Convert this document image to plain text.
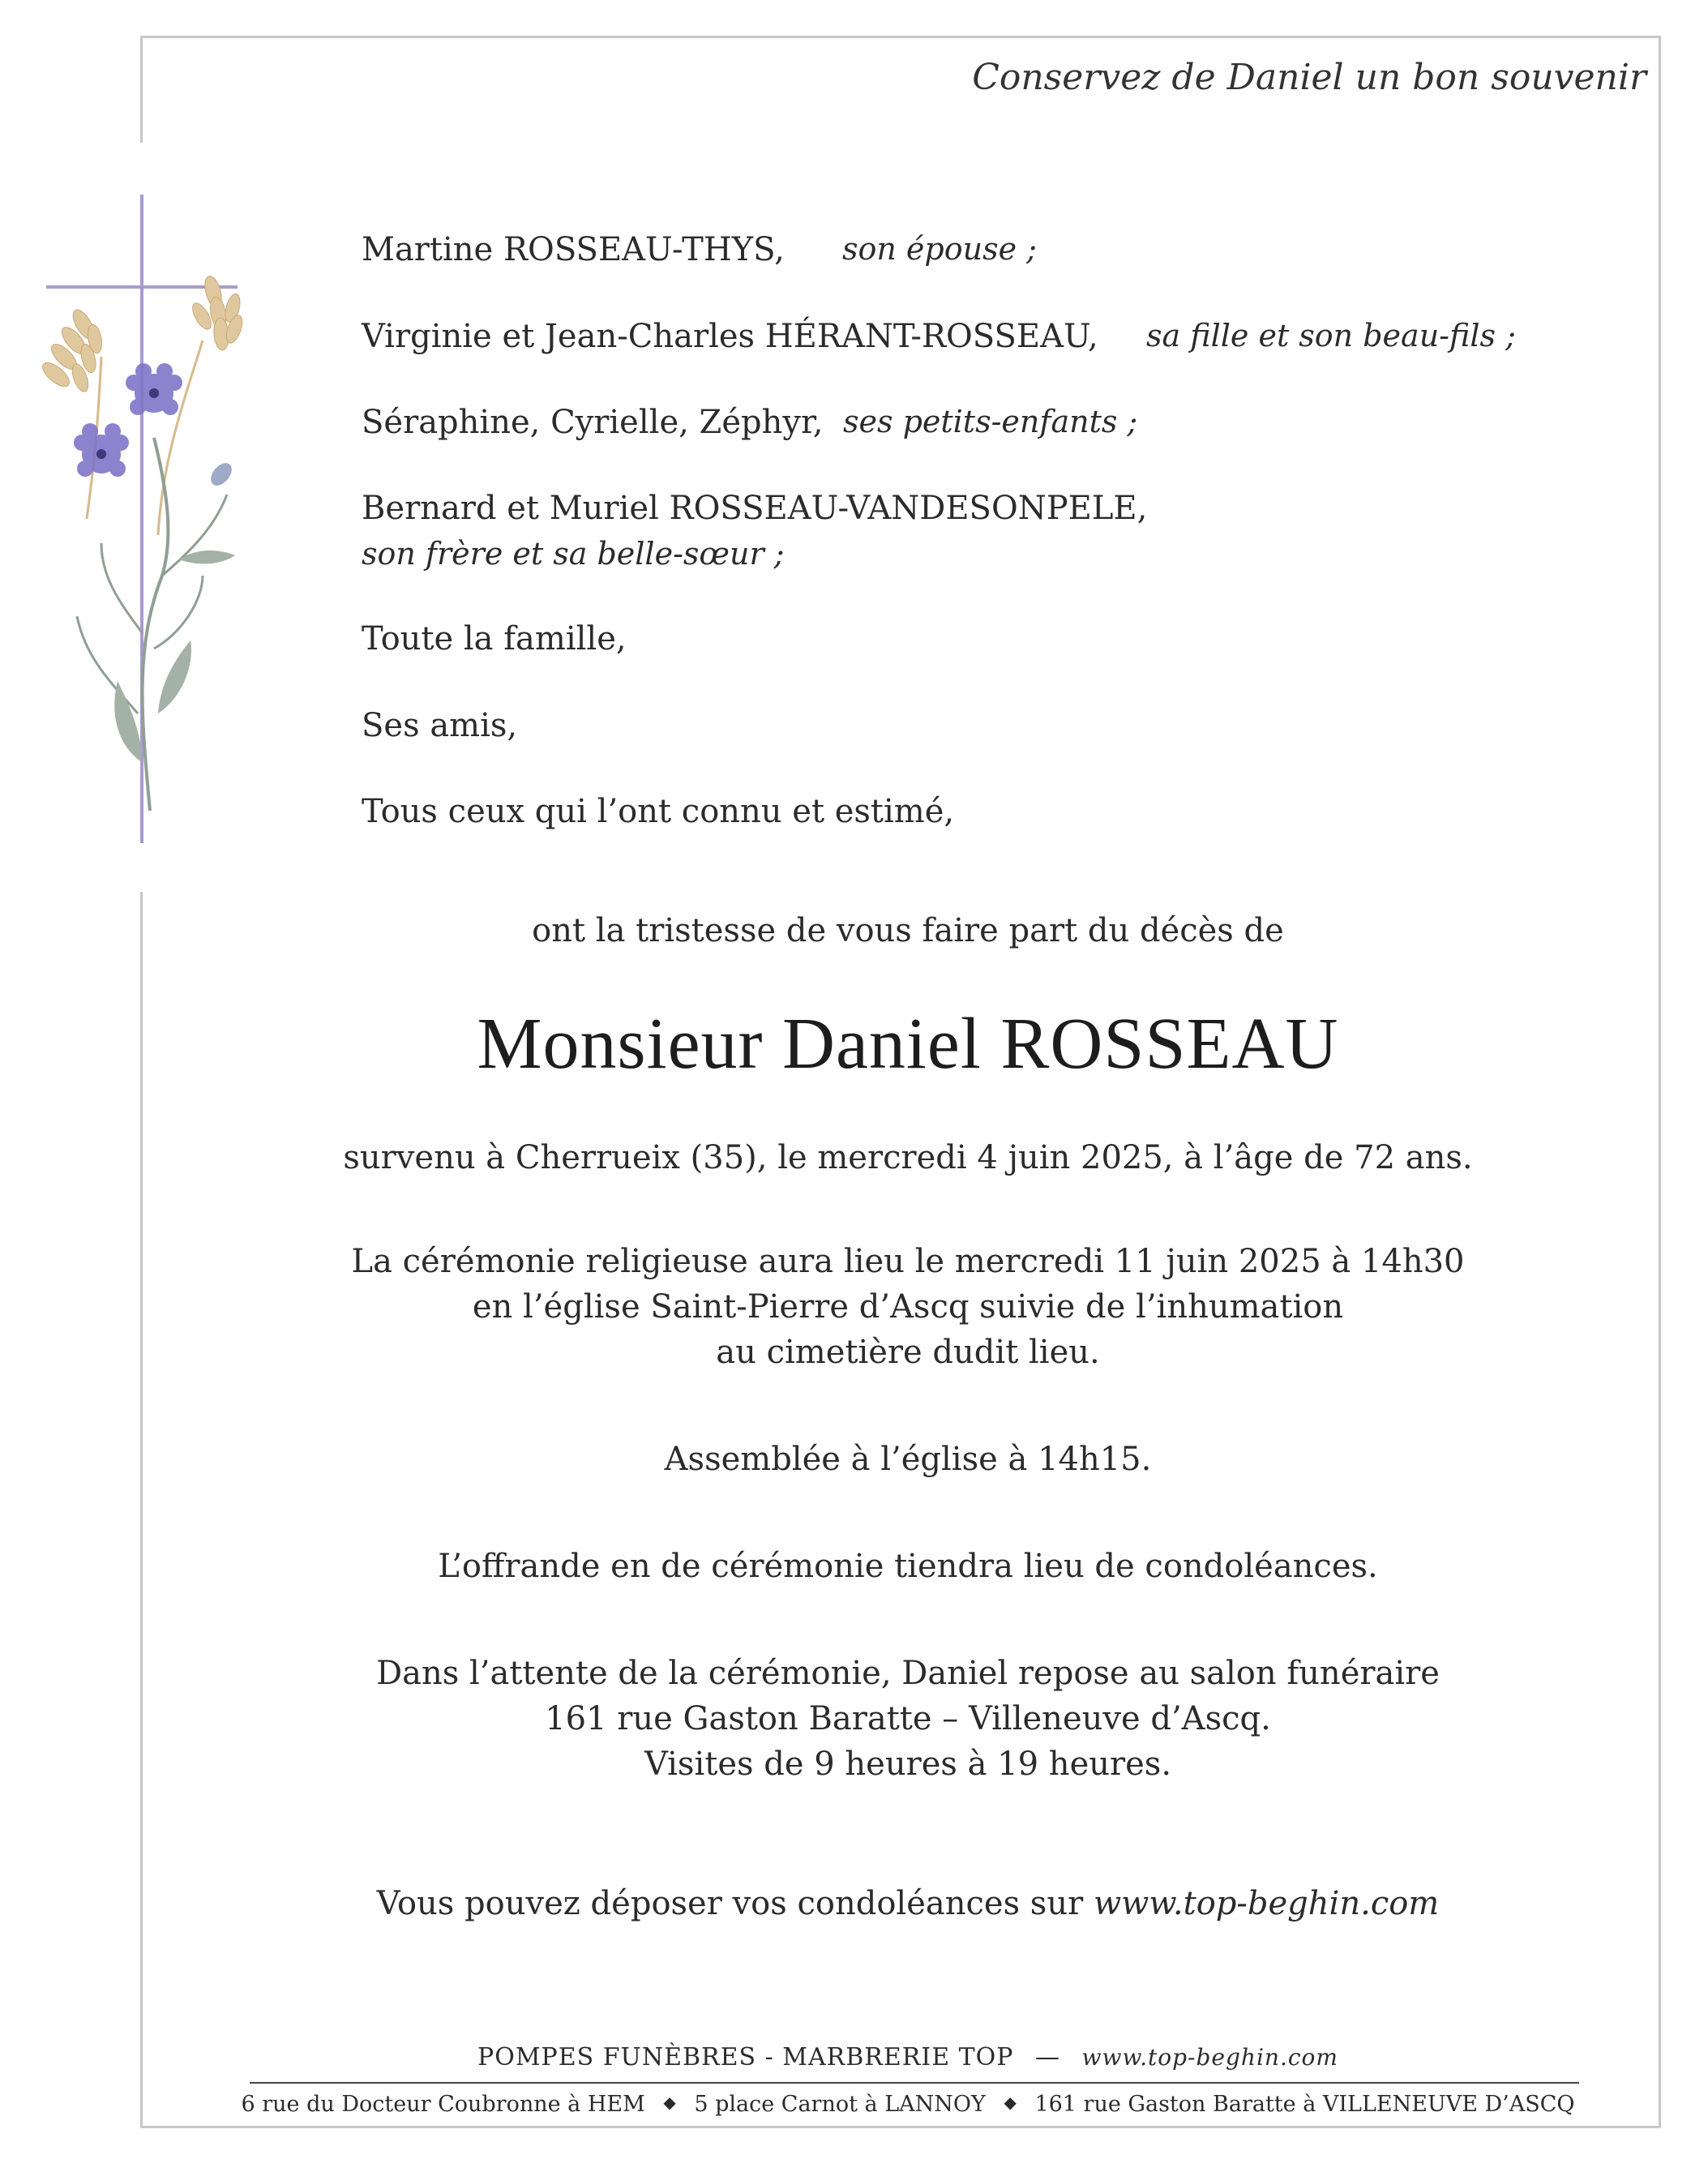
Conservez de Daniel un bon souvenir
Martine ROSSEAU-THYS, son épouse ;
Virginie et Jean-Charles HÉRANT-ROSSEAU, sa fille et son beau-fils ;
Séraphine, Cyrielle, Zéphyr, ses petits-enfants ;
Bernard et Muriel ROSSEAU-VANDESONPELE,
son frère et sa belle-sœur ;
Toute la famille,
Ses amis,
Tous ceux qui l’ont connu et estimé,
ont la tristesse de vous faire part du décès de
Monsieur Daniel ROSSEAU
survenu à Cherrueix (35), le mercredi 4 juin 2025, à l’âge de 72 ans.
La cérémonie religieuse aura lieu le mercredi 11 juin 2025 à 14h30
en l’église Saint-Pierre d’Ascq suivie de l’inhumation
au cimetière dudit lieu.
Assemblée à l’église à 14h15.
L’offrande en de cérémonie tiendra lieu de condoléances.
Dans l’attente de la cérémonie, Daniel repose au salon funéraire
161 rue Gaston Baratte – Villeneuve d’Ascq.
Visites de 9 heures à 19 heures.
Vous pouvez déposer vos condoléances sur www.top-beghin.com
POMPES FUNÈBRES - MARBRERIE TOP — www.top-beghin.com
6 rue du Docteur Coubronne à HEM ◆ 5 place Carnot à LANNOY ◆ 161 rue Gaston Baratte à VILLENEUVE D’ASCQ
